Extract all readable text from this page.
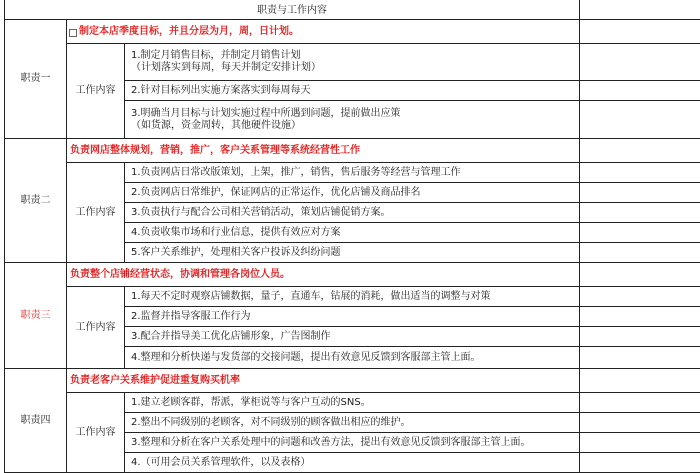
职责与工作内容			
职责一	制定本店季度目标，并且分层为月，周，日计划。		
	工作内容	1.制定月销售目标，并制定月销售计划
（计划落实到每周，每天并制定安排计划）	

		2.针对目标列出实施方案落实到每周每天	

		3.明确当月目标与计划实施过程中所遇到问题，提前做出应策
（如货源，资金周转，其他硬件设施）	

职责二	负责网店整体规划，营销，推广，客户关系管理等系统经营性工作		
	工作内容	1.负责网店日常改版策划，上架，推广，销售，售后服务等经营与管理工作	
		2.负责网店日常维护，保证网店的正常运作，优化店铺及商品排名	
		3.负责执行与配合公司相关营销活动，策划店铺促销方案。	
		4.负责收集市场和行业信息，提供有效应对方案	
		5.客户关系维护，处理相关客户投诉及纠纷问题	
职责三	负责整个店铺经营状态，协调和管理各岗位人员。		
	工作内容	1.每天不定时观察店铺数据，量子，直通车，钻展的消耗，做出适当的调整与对策	
		2.监督并指导客服工作行为	
		3.配合并指导美工优化店铺形象，广告图制作	
		4.整理和分析快递与发货部的交接问题，提出有效意见反馈到客服部主管上面。	
职责四	负责老客户关系维护促进重复购买机率		
	工作内容	1.建立老顾客群，帮派，掌柜说等与客户互动的SNS。	
		2.整出不同级别的老顾客，对不同级别的顾客做出相应的维护。	
		3.整理和分析在客户关系处理中的问题和改善方法，提出有效意见反馈到客服部主管上面。	
		4.（可用会员关系管理软件，以及表格）	
